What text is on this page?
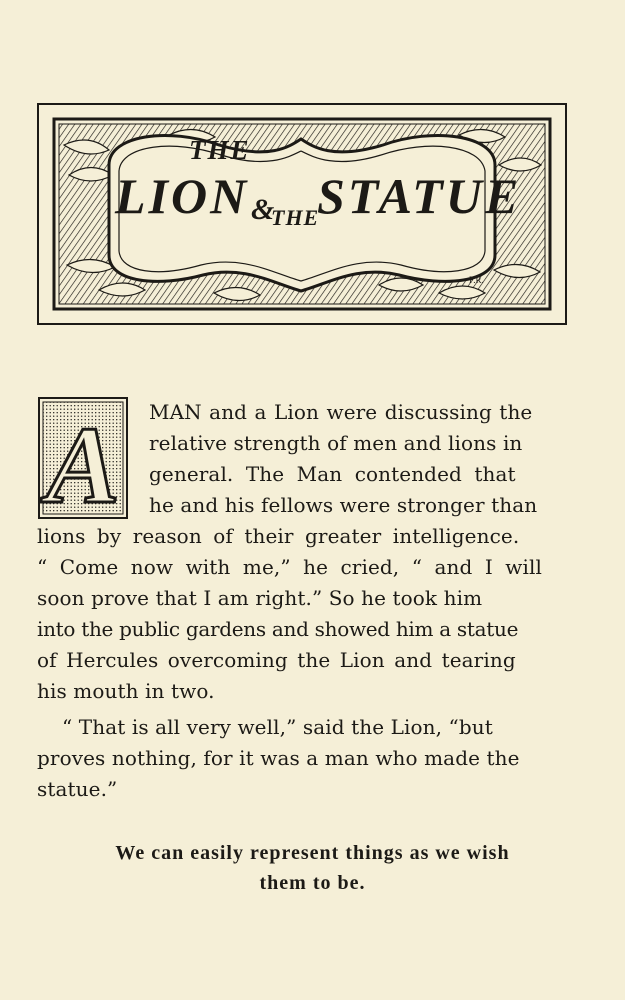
F.R.
THE
LION &
THE
STATUE
A MAN and a Lion were discussing the
relative strength of men and lions in
general. The Man contended that
he and his fellows were stronger than
lions by reason of their greater intelligence.
“ Come now with me,” he cried, “ and I will
soon prove that I am right.” So he took him
into the public gardens and showed him a statue
of Hercules overcoming the Lion and tearing
his mouth in two.
“ That is all very well,” said the Lion, “but
proves nothing, for it was a man who made the
statue.”
We can easily represent things as we wish
them to be.
